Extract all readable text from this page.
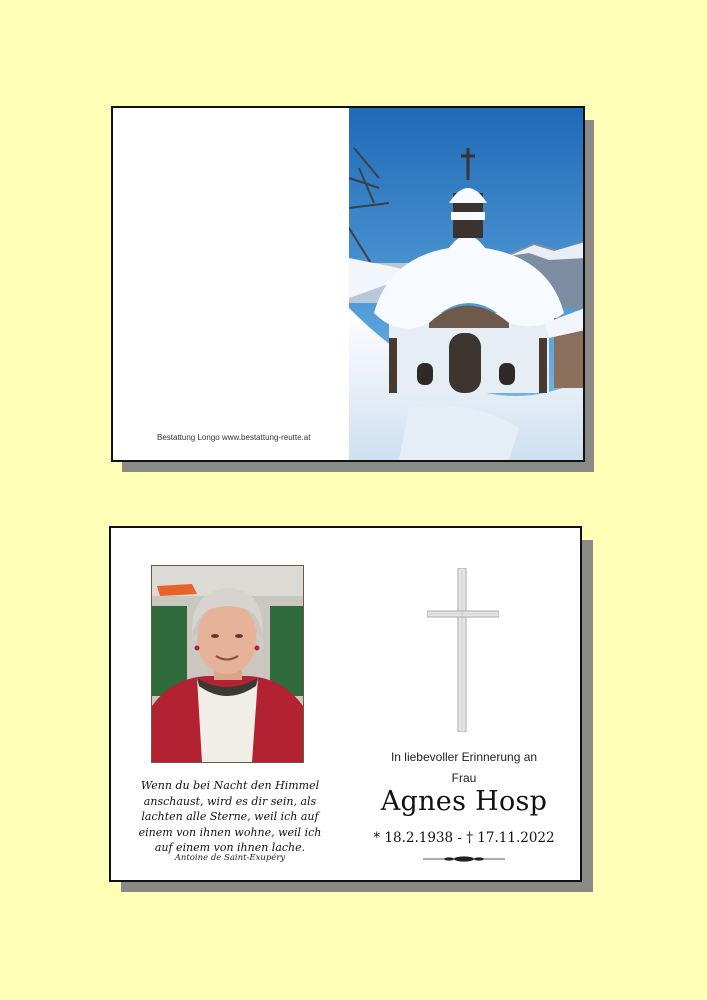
Bestattung Longo www.bestattung-reutte.at
Wenn du bei Nacht den Himmel
anschaust, wird es dir sein, als
lachten alle Sterne, weil ich auf
einem von ihnen wohne, weil ich
auf einem von ihnen lache.
Antoine de Saint-Exupéry
In liebevoller Erinnerung an
Frau
Agnes Hosp
* 18.2.1938 - † 17.11.2022
